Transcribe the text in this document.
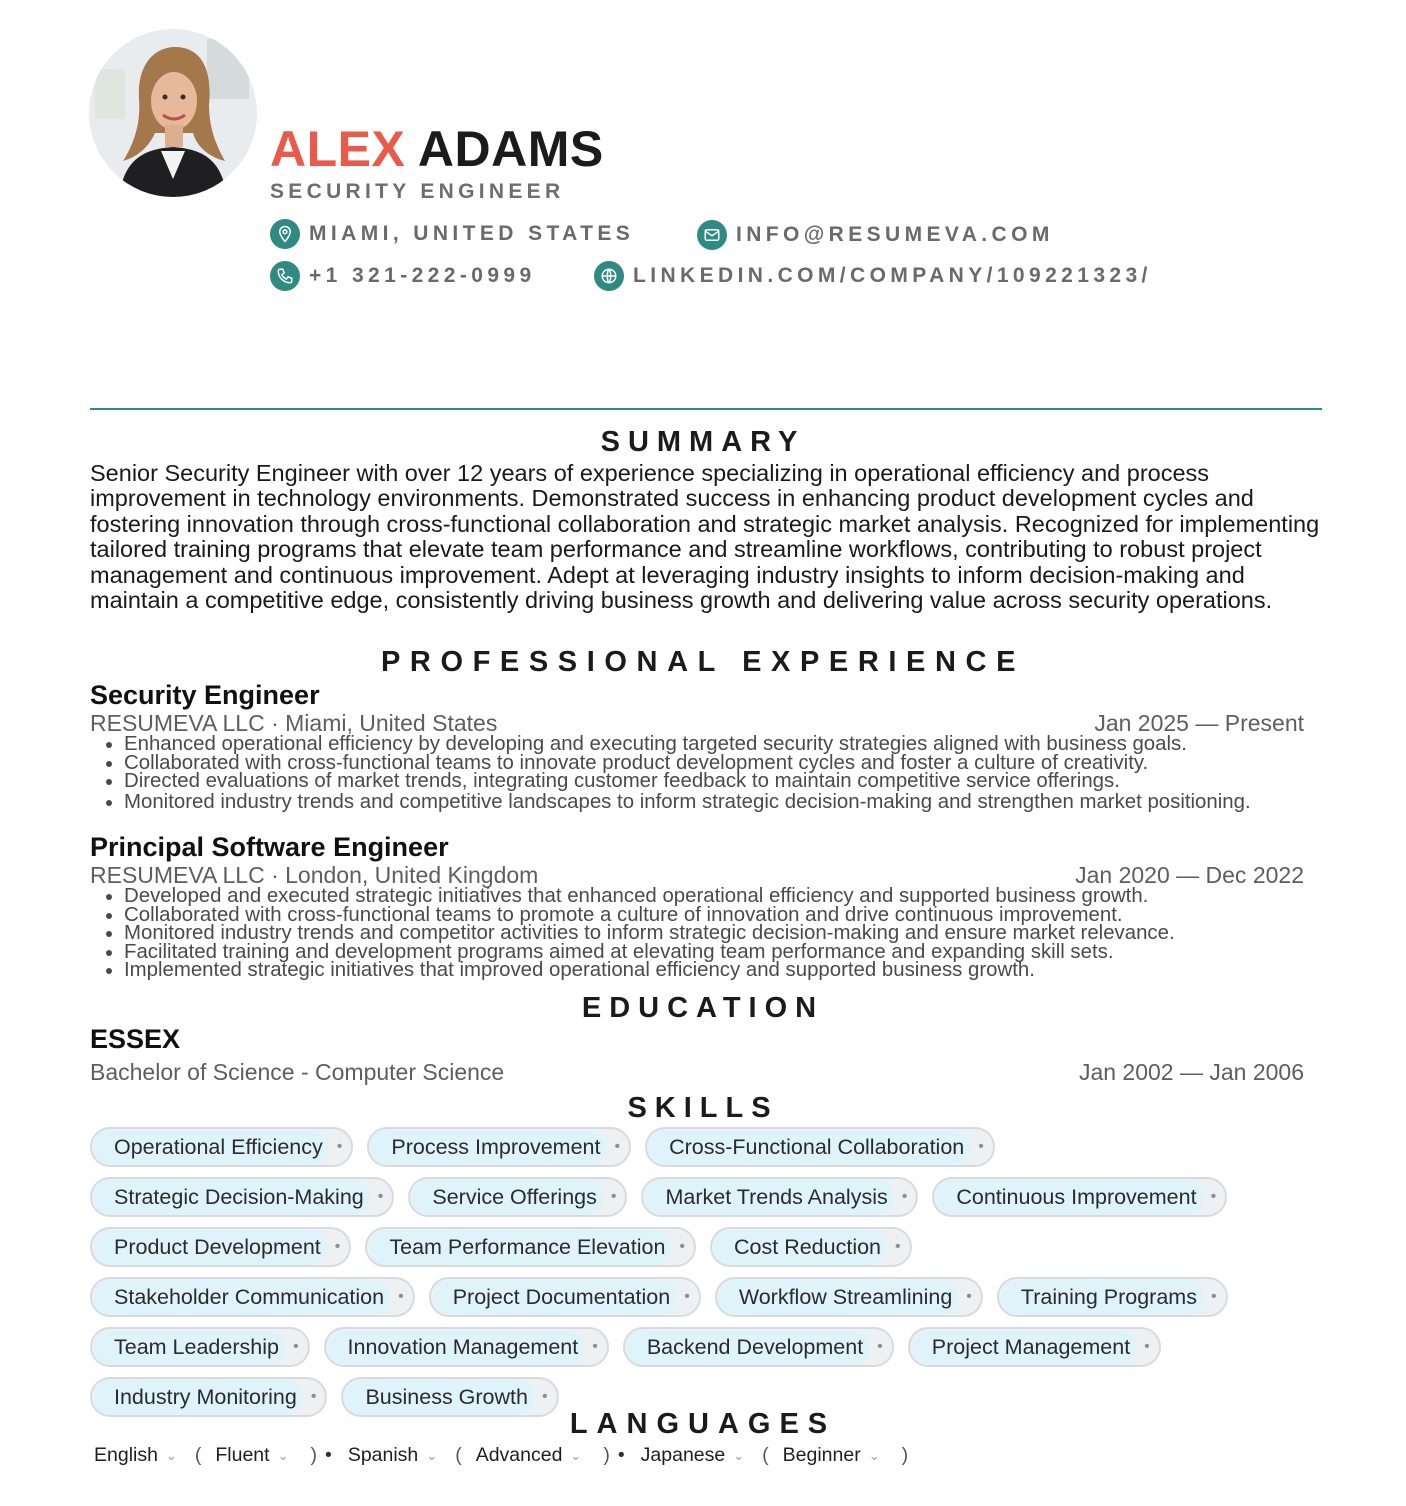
ALEX ADAMS
SECURITY ENGINEER
MIAMI, UNITED STATES	INFO@RESUMEVA.COM
+1 321-222-0999	LINKEDIN.COM/COMPANY/109221323/
SUMMARY

Senior Security Engineer with over 12 years of experience specializing in operational efficiency and process improvement in technology environments. Demonstrated success in enhancing product development cycles and fostering innovation through cross-functional collaboration and strategic market analysis. Recognized for implementing tailored training programs that elevate team performance and streamline workflows, contributing to robust project management and continuous improvement. Adept at leveraging industry insights to inform decision-making and maintain a competitive edge, consistently driving business growth and delivering value across security operations.

PROFESSIONAL EXPERIENCE
Security Engineer
RESUMEVA LLC · Miami, United States	Jan 2025 — Present
• Enhanced operational efficiency by developing and executing targeted security strategies aligned with business goals.
• Collaborated with cross-functional teams to innovate product development cycles and foster a culture of creativity.
• Directed evaluations of market trends, integrating customer feedback to maintain competitive service offerings.
• Monitored industry trends and competitive landscapes to inform strategic decision-making and strengthen market positioning.
Principal Software Engineer
RESUMEVA LLC · London, United Kingdom	Jan 2020 — Dec 2022
• Developed and executed strategic initiatives that enhanced operational efficiency and supported business growth.
• Collaborated with cross-functional teams to promote a culture of innovation and drive continuous improvement.
• Monitored industry trends and competitor activities to inform strategic decision-making and ensure market relevance.
• Facilitated training and development programs aimed at elevating team performance and expanding skill sets.
• Implemented strategic initiatives that improved operational efficiency and supported business growth.
EDUCATION
ESSEX
Bachelor of Science - Computer Science	Jan 2002 — Jan 2006
SKILLS
Operational Efficiency •	Process Improvement •	Cross-Functional Collaboration •
Strategic Decision-Making •	Service Offerings •	Market Trends Analysis •	Continuous Improvement •
Product Development •	Team Performance Elevation •	Cost Reduction •
Stakeholder Communication •	Project Documentation •	Workflow Streamlining •	Training Programs •
Team Leadership •	Innovation Management •	Backend Development •	Project Management •
Industry Monitoring •	Business Growth •
LANGUAGES
English ⌄ ( Fluent ⌄ ) • Spanish ⌄ ( Advanced ⌄ ) • Japanese ⌄ ( Beginner ⌄ )
